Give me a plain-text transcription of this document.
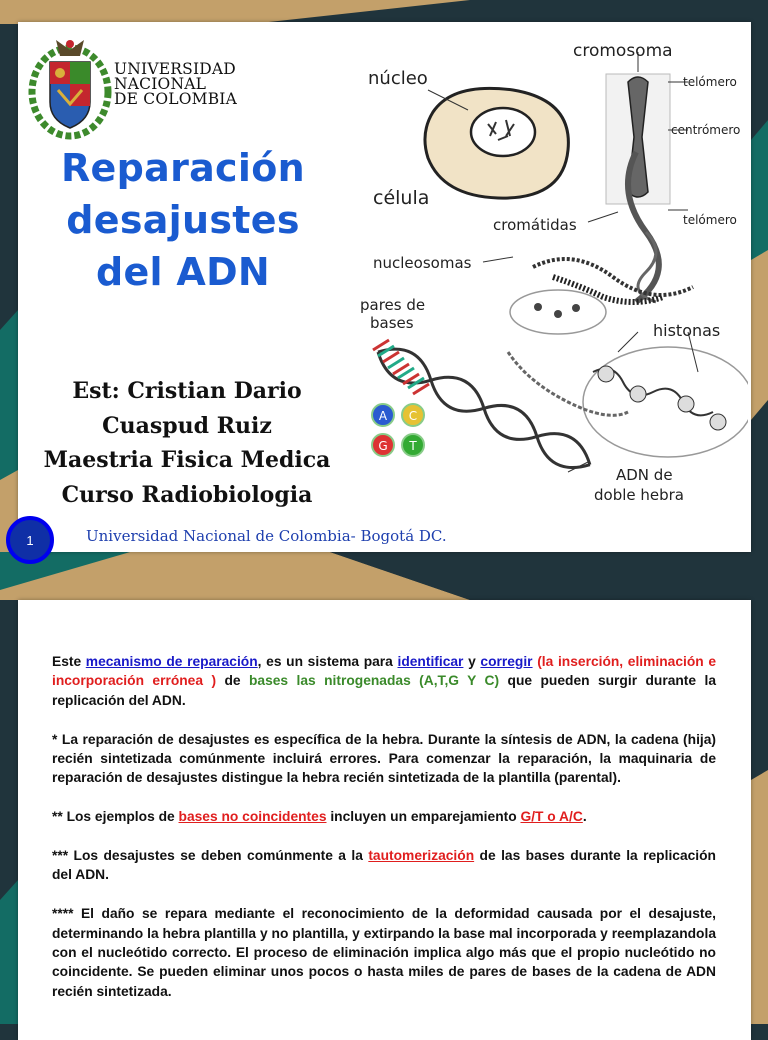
UNIVERSIDAD
NACIONAL
DE COLOMBIA
Reparación
desajustes
del ADN
Est: Cristian Dario
Cuaspud Ruiz
Maestria Fisica Medica
Curso Radiobiologia
1	Universidad Nacional de Colombia- Bogotá DC.
A C
G T
núcleo
cromosoma
telómero
centrómero
célula
cromátidas	telómero
nucleosomas
pares de
bases	histonas
ADN de
doble hebra

Este mecanismo de reparación, es un sistema para identificar y corregir (la inserción, eliminación e incorporación errónea ) de bases las nitrogenadas (A,T,G Y C) que pueden surgir durante la replicación del ADN.

* La reparación de desajustes es específica de la hebra. Durante la síntesis de ADN, la cadena (hija) recién sintetizada comúnmente incluirá errores. Para comenzar la reparación, la maquinaria de reparación de desajustes distingue la hebra recién sintetizada de la plantilla (parental).

** Los ejemplos de bases no coincidentes incluyen un emparejamiento G/T o A/C.

*** Los desajustes se deben comúnmente a la tautomerización de las bases durante la replicación del ADN.

**** El daño se repara mediante el reconocimiento de la deformidad causada por el desajuste, determinando la hebra plantilla y no plantilla, y extirpando la base mal incorporada y reemplazandola con el nucleótido correcto. El proceso de eliminación implica algo más que el propio nucleótido no coincidente. Se pueden eliminar unos pocos o hasta miles de pares de bases de la cadena de ADN recién sintetizada.
